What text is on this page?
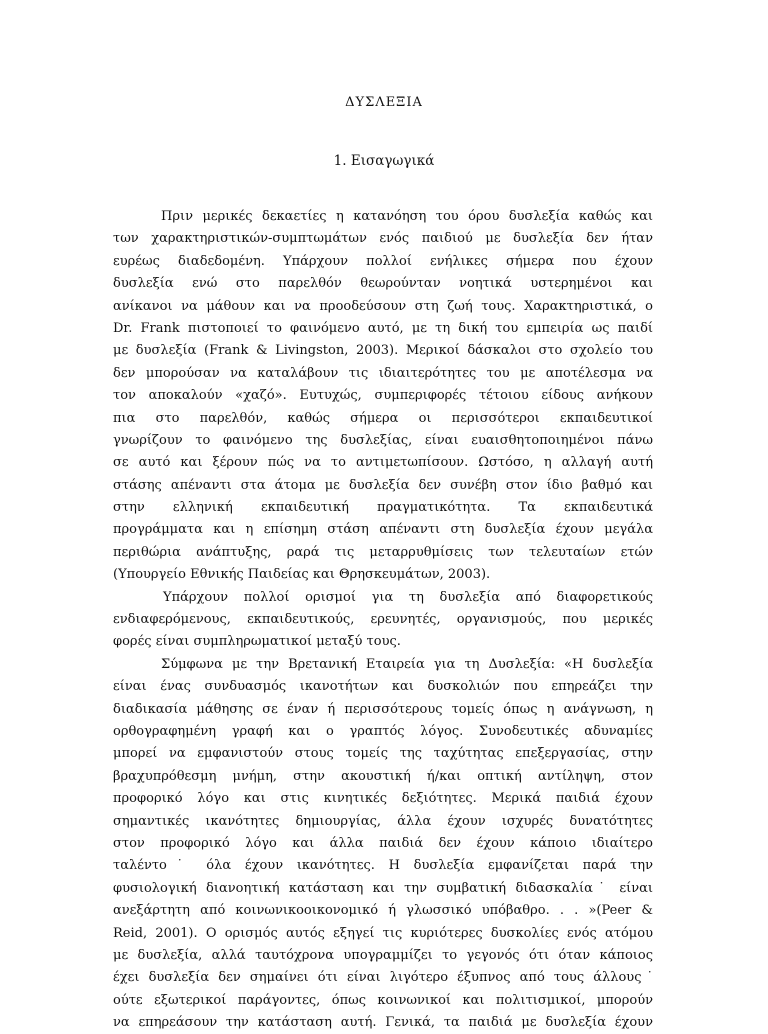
ΔΥΣΛΕΞΙΑ
1. Εισαγωγικά
Πριν μερικές δεκαετίες η κατανόηση του όρου δυσλεξία καθώς και
των χαρακτηριστικών-συμπτωμάτων ενός παιδιού με δυσλεξία δεν ήταν
ευρέως διαδεδομένη. Υπάρχουν πολλοί ενήλικες σήμερα που έχουν
δυσλεξία ενώ στο παρελθόν θεωρούνταν νοητικά υστερημένοι και
ανίκανοι να μάθουν και να προοδεύσουν στη ζωή τους. Χαρακτηριστικά, ο
Dr. Frank πιστοποιεί το φαινόμενο αυτό, με τη δική του εμπειρία ως παιδί
με δυσλεξία (Frank & Livingston, 2003). Μερικοί δάσκαλοι στο σχολείο του
δεν μπορούσαν να καταλάβουν τις ιδιαιτερότητες του με αποτέλεσμα να
τον αποκαλούν «χαζό». Ευτυχώς, συμπεριφορές τέτοιου είδους ανήκουν
πια στο παρελθόν, καθώς σήμερα οι περισσότεροι εκπαιδευτικοί
γνωρίζουν το φαινόμενο της δυσλεξίας, είναι ευαισθητοποιημένοι πάνω
σε αυτό και ξέρουν πώς να το αντιμετωπίσουν. Ωστόσο, η αλλαγή αυτή
στάσης απέναντι στα άτομα με δυσλεξία δεν συνέβη στον ίδιο βαθμό και
στην ελληνική εκπαιδευτική πραγματικότητα. Τα εκπαιδευτικά
προγράμματα και η επίσημη στάση απέναντι στη δυσλεξία έχουν μεγάλα
περιθώρια ανάπτυξης, ραρά τις μεταρρυθμίσεις των τελευταίων ετών
(Υπουργείο Εθνικής Παιδείας και Θρησκευμάτων, 2003).
Υπάρχουν πολλοί ορισμοί για τη δυσλεξία από διαφορετικούς
ενδιαφερόμενους, εκπαιδευτικούς, ερευνητές, οργανισμούς, που μερικές
φορές είναι συμπληρωματικοί μεταξύ τους.
Σύμφωνα με την Βρετανική Εταιρεία για τη Δυσλεξία: «Η δυσλεξία
είναι ένας συνδυασμός ικανοτήτων και δυσκολιών που επηρεάζει την
διαδικασία μάθησης σε έναν ή περισσότερους τομείς όπως η ανάγνωση, η
ορθογραφημένη γραφή και ο γραπτός λόγος. Συνοδευτικές αδυναμίες
μπορεί να εμφανιστούν στους τομείς της ταχύτητας επεξεργασίας, στην
βραχυπρόθεσμη μνήμη, στην ακουστική ή/και οπτική αντίληψη, στον
προφορικό λόγο και στις κινητικές δεξιότητες. Μερικά παιδιά έχουν
σημαντικές ικανότητες δημιουργίας, άλλα έχουν ισχυρές δυνατότητες
στον προφορικό λόγο και άλλα παιδιά δεν έχουν κάποιο ιδιαίτερο
ταλέντο˙ όλα έχουν ικανότητες. Η δυσλεξία εμφανίζεται παρά την
φυσιολογική διανοητική κατάσταση και την συμβατική διδασκαλία˙ είναι
ανεξάρτητη από κοινωνικοοικονομικό ή γλωσσικό υπόβαθρο. . . »(Peer &
Reid, 2001). Ο ορισμός αυτός εξηγεί τις κυριότερες δυσκολίες ενός ατόμου
με δυσλεξία, αλλά ταυτόχρονα υπογραμμίζει το γεγονός ότι όταν κάποιος
έχει δυσλεξία δεν σημαίνει ότι είναι λιγότερο έξυπνος από τους άλλους˙
ούτε εξωτερικοί παράγοντες, όπως κοινωνικοί και πολιτισμικοί, μπορούν
να επηρεάσουν την κατάσταση αυτή. Γενικά, τα παιδιά με δυσλεξία έχουν
